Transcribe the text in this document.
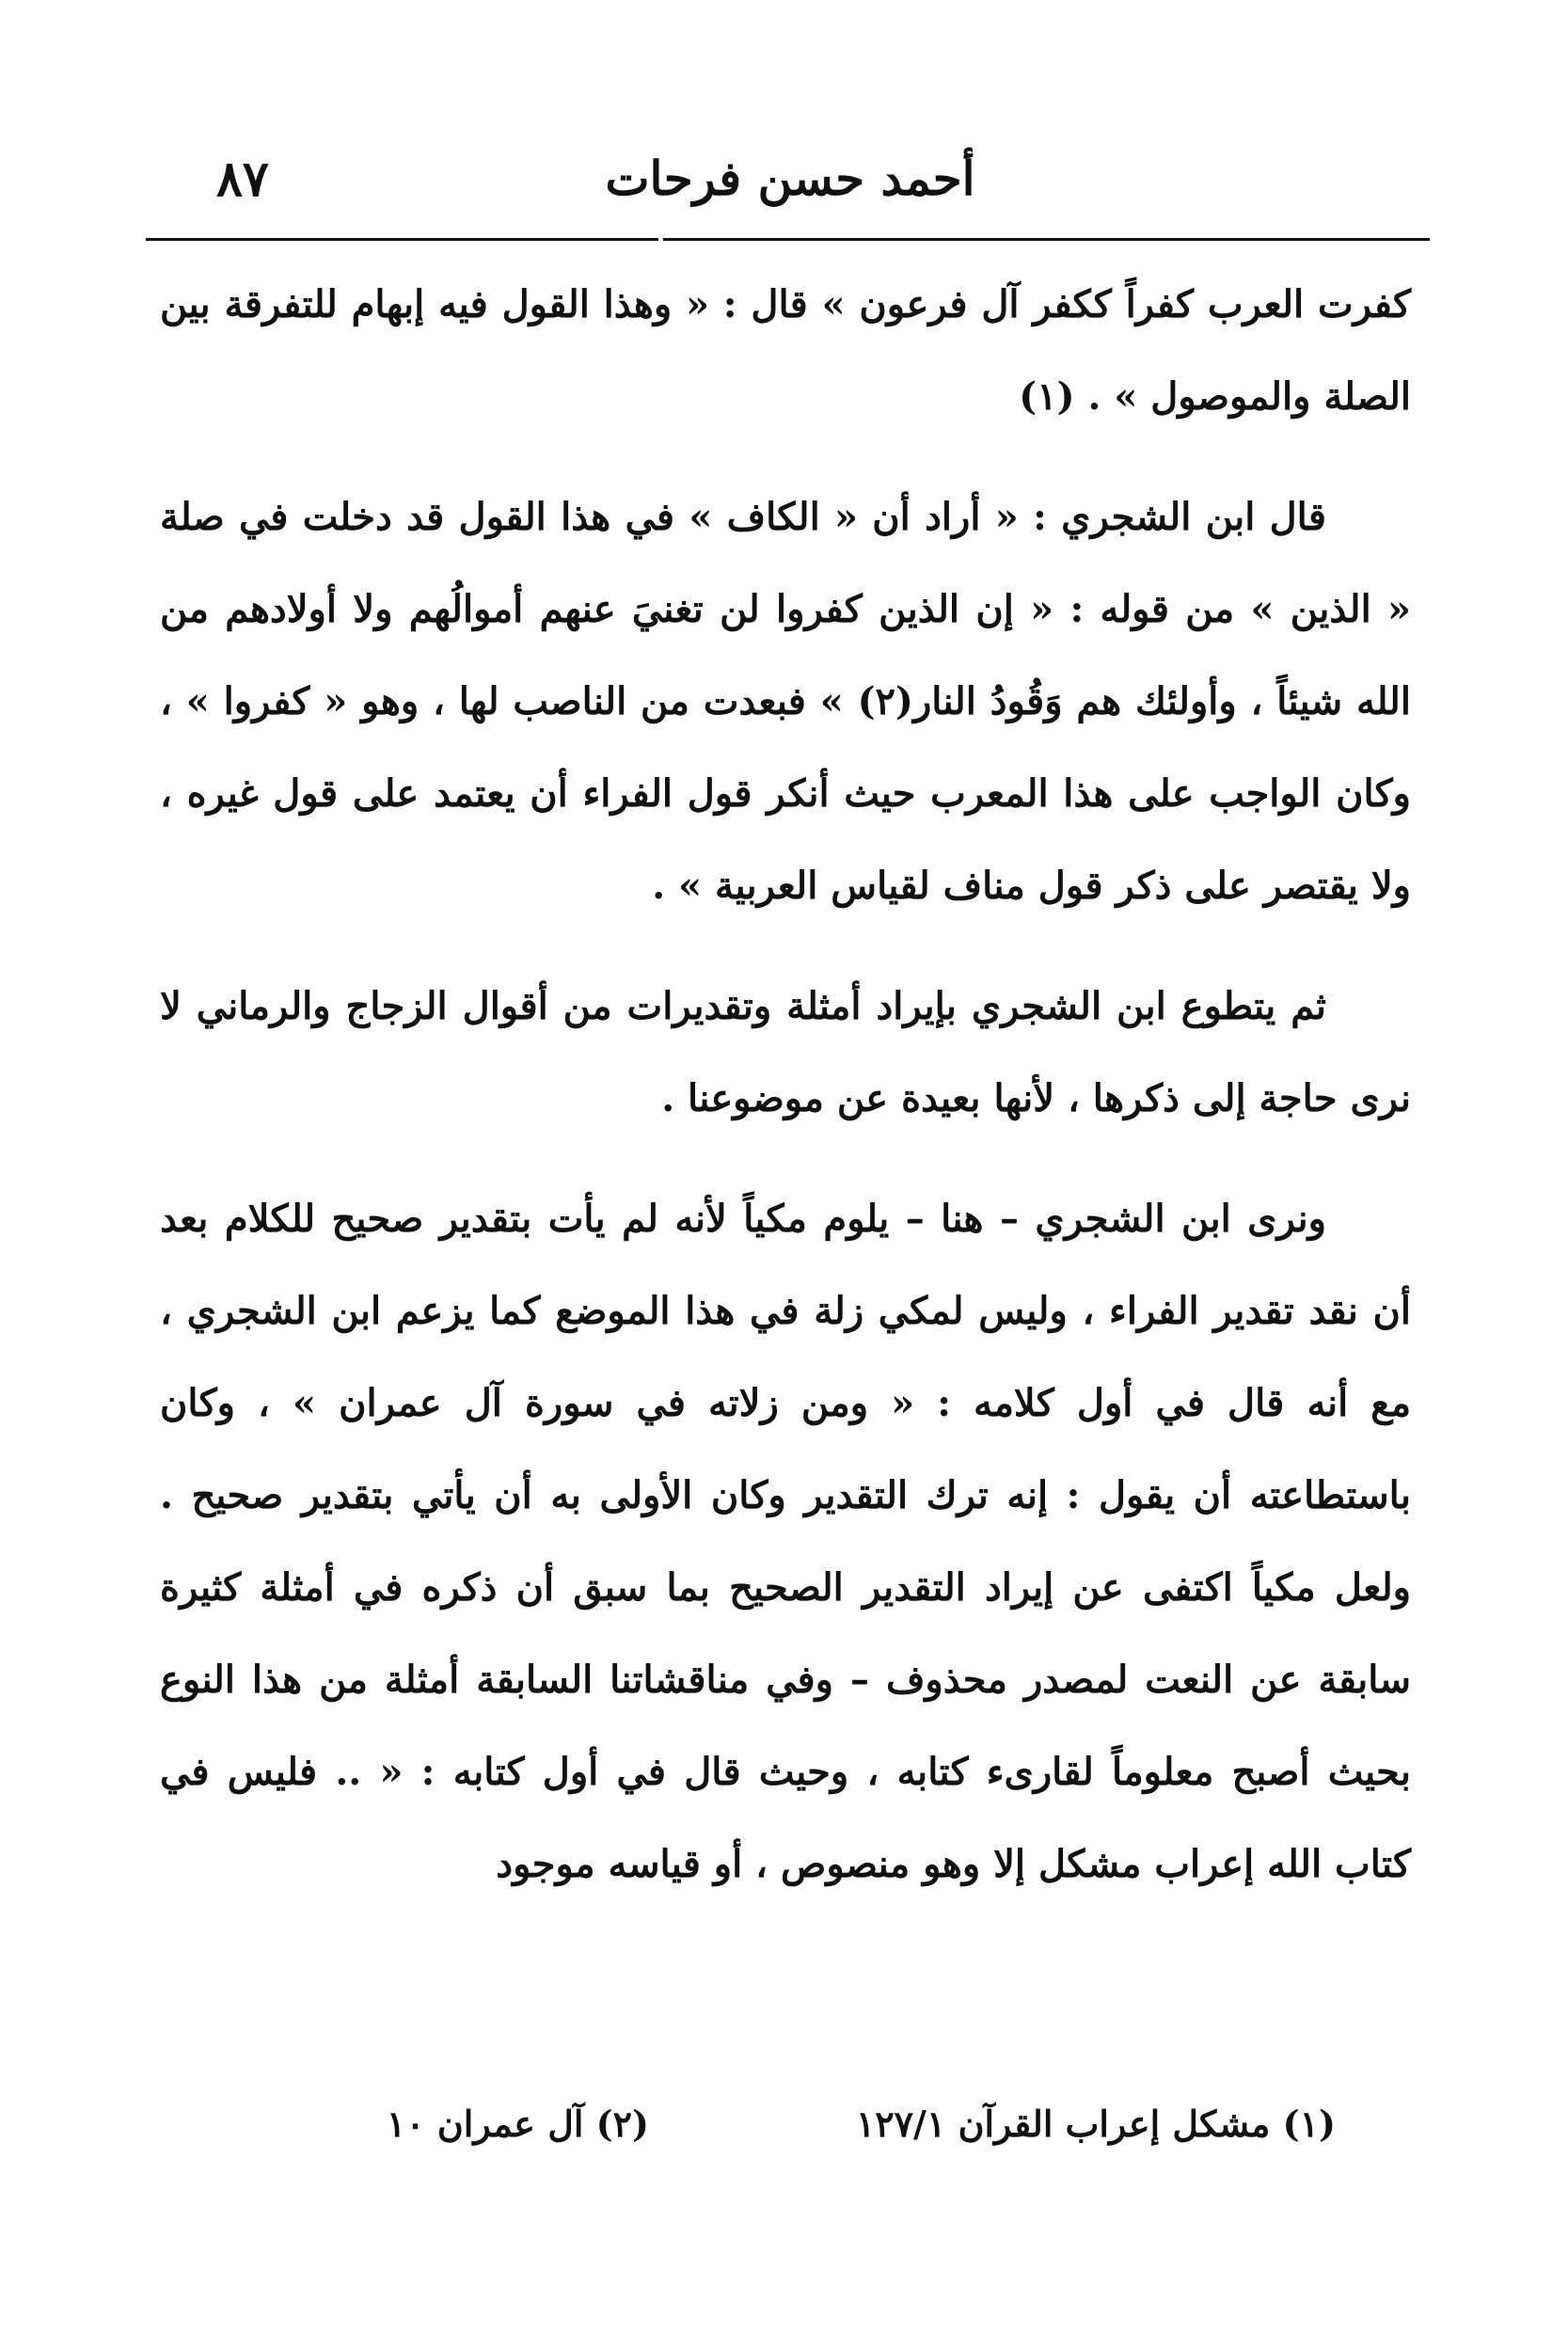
أحمد حسن فرحات
٨٧

كفرت العرب كفراً ككفر آل فرعون » قال : « وهذا القول فيه إبهام للتفرقة بين الصلة والموصول » . (١)

قال ابن الشجري : « أراد أن « الكاف » في هذا القول قد دخلت في صلة « الذين » من قوله : « إن الذين كفروا لن تغنيَ عنهم أموالُهم ولا أولادهم من الله شيئاً ، وأولئك هم وَقُودُ النار(٢) » فبعدت من الناصب لها ، وهو « كفروا » ، وكان الواجب على هذا المعرب حيث أنكر قول الفراء أن يعتمد على قول غيره ، ولا يقتصر على ذكر قول مناف لقياس العربية » .

ثم يتطوع ابن الشجري بإيراد أمثلة وتقديرات من أقوال الزجاج والرماني لا نرى حاجة إلى ذكرها ، لأنها بعيدة عن موضوعنا .

ونرى ابن الشجري – هنا – يلوم مكياً لأنه لم يأت بتقدير صحيح للكلام بعد أن نقد تقدير الفراء ، وليس لمكي زلة في هذا الموضع كما يزعم ابن الشجري ، مع أنه قال في أول كلامه : « ومن زلاته في سورة آل عمران » ، وكان باستطاعته أن يقول : إنه ترك التقدير وكان الأولى به أن يأتي بتقدير صحيح . ولعل مكياً اكتفى عن إيراد التقدير الصحيح بما سبق أن ذكره في أمثلة كثيرة سابقة عن النعت لمصدر محذوف – وفي مناقشاتنا السابقة أمثلة من هذا النوع بحيث أصبح معلوماً لقارىء كتابه ، وحيث قال في أول كتابه : « .. فليس في كتاب الله إعراب مشكل إلا وهو منصوص ، أو قياسه موجود

(١) مشكل إعراب القرآن ١٢٧/١
(٢) آل عمران ١٠
